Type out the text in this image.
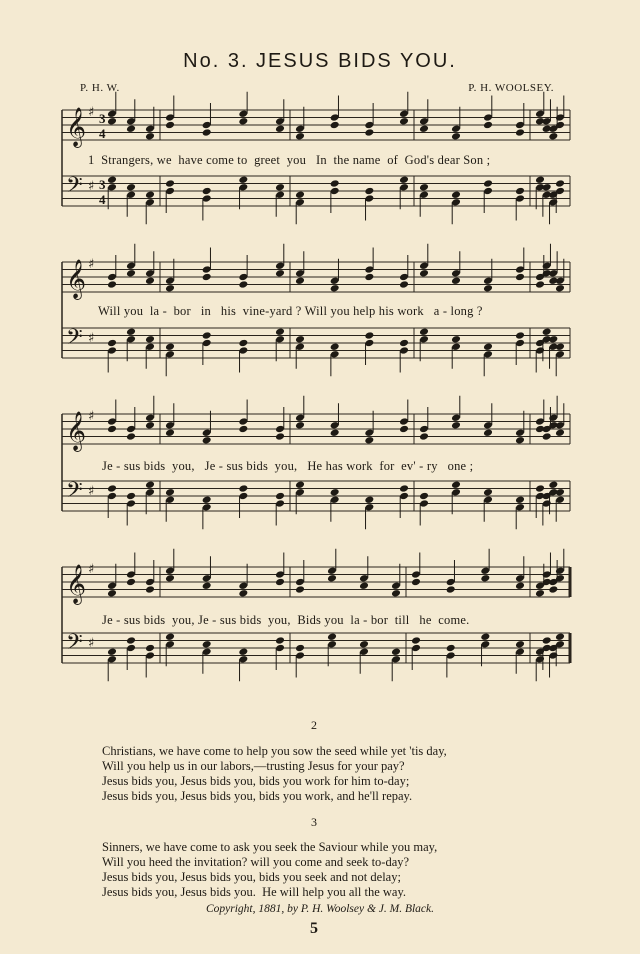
No. 3. JESUS BIDS YOU.
P. H. W.	P. H. WOOLSEY.
𝄞 ♯ 3
4
𝄢 ♯ 3
4
𝄞 ♯
𝄢 ♯
𝄞 ♯
𝄢 ♯
𝄞 ♯
𝄢 ♯
1  Strangers, we  have come to  greet  you   In  the name  of  God's dear Son ;
Will you  la -  bor   in   his  vine-yard ? Will you help his work   a - long ?
Je - sus bids  you,   Je - sus bids  you,   He has work  for  ev' - ry   one ;
Je - sus bids  you, Je - sus bids  you,  Bids you  la - bor  till   he  come.
2
Christians, we have come to help you sow the seed while yet 'tis day,
Will you help us in our labors,—trusting Jesus for your pay?
Jesus bids you, Jesus bids you, bids you work for him to-day;
Jesus bids you, Jesus bids you, bids you work, and he'll repay.
3
Sinners, we have come to ask you seek the Saviour while you may,
Will you heed the invitation? will you come and seek to-day?
Jesus bids you, Jesus bids you, bids you seek and not delay;
Jesus bids you, Jesus bids you.  He will help you all the way.
Copyright, 1881, by P. H. Woolsey & J. M. Black.
5
